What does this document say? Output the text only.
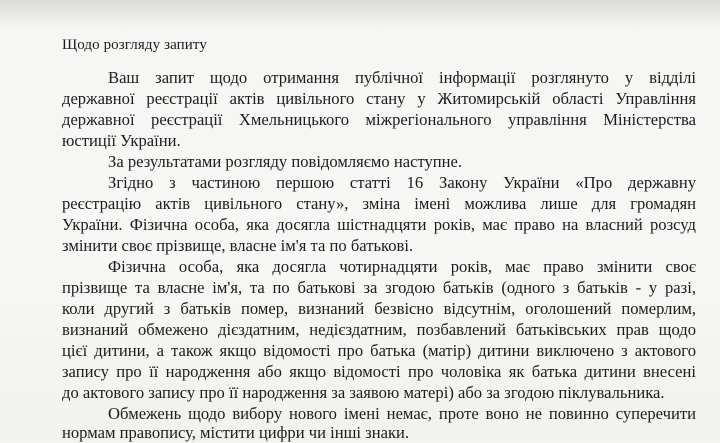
Щодо розгляду запиту
Ваш запит щодо отримання публічної інформації розглянуто у відділі
державної реєстрації актів цивільного стану у Житомирській області Управління
державної реєстрації Хмельницького міжрегіонального управління Міністерства
юстиції України.
За результатами розгляду повідомляємо наступне.
Згідно з частиною першою статті 16 Закону України «Про державну
реєстрацію актів цивільного стану», зміна імені можлива лише для громадян
України. Фізична особа, яка досягла шістнадцяти років, має право на власний розсуд
змінити своє прізвище, власне ім'я та по батькові.
Фізична особа, яка досягла чотирнадцяти років, має право змінити своє
прізвище та власне ім'я, та по батькові за згодою батьків (одного з батьків - у разі,
коли другий з батьків помер, визнаний безвісно відсутнім, оголошений померлим,
визнаний обмежено дієздатним, недієздатним, позбавлений батьківських прав щодо
цієї дитини, а також якщо відомості про батька (матір) дитини виключено з актового
запису про її народження або якщо відомості про чоловіка як батька дитини внесені
до актового запису про її народження за заявою матері) або за згодою піклувальника.
Обмежень щодо вибору нового імені немає, проте воно не повинно суперечити
нормам правопису, містити цифри чи інші знаки.
